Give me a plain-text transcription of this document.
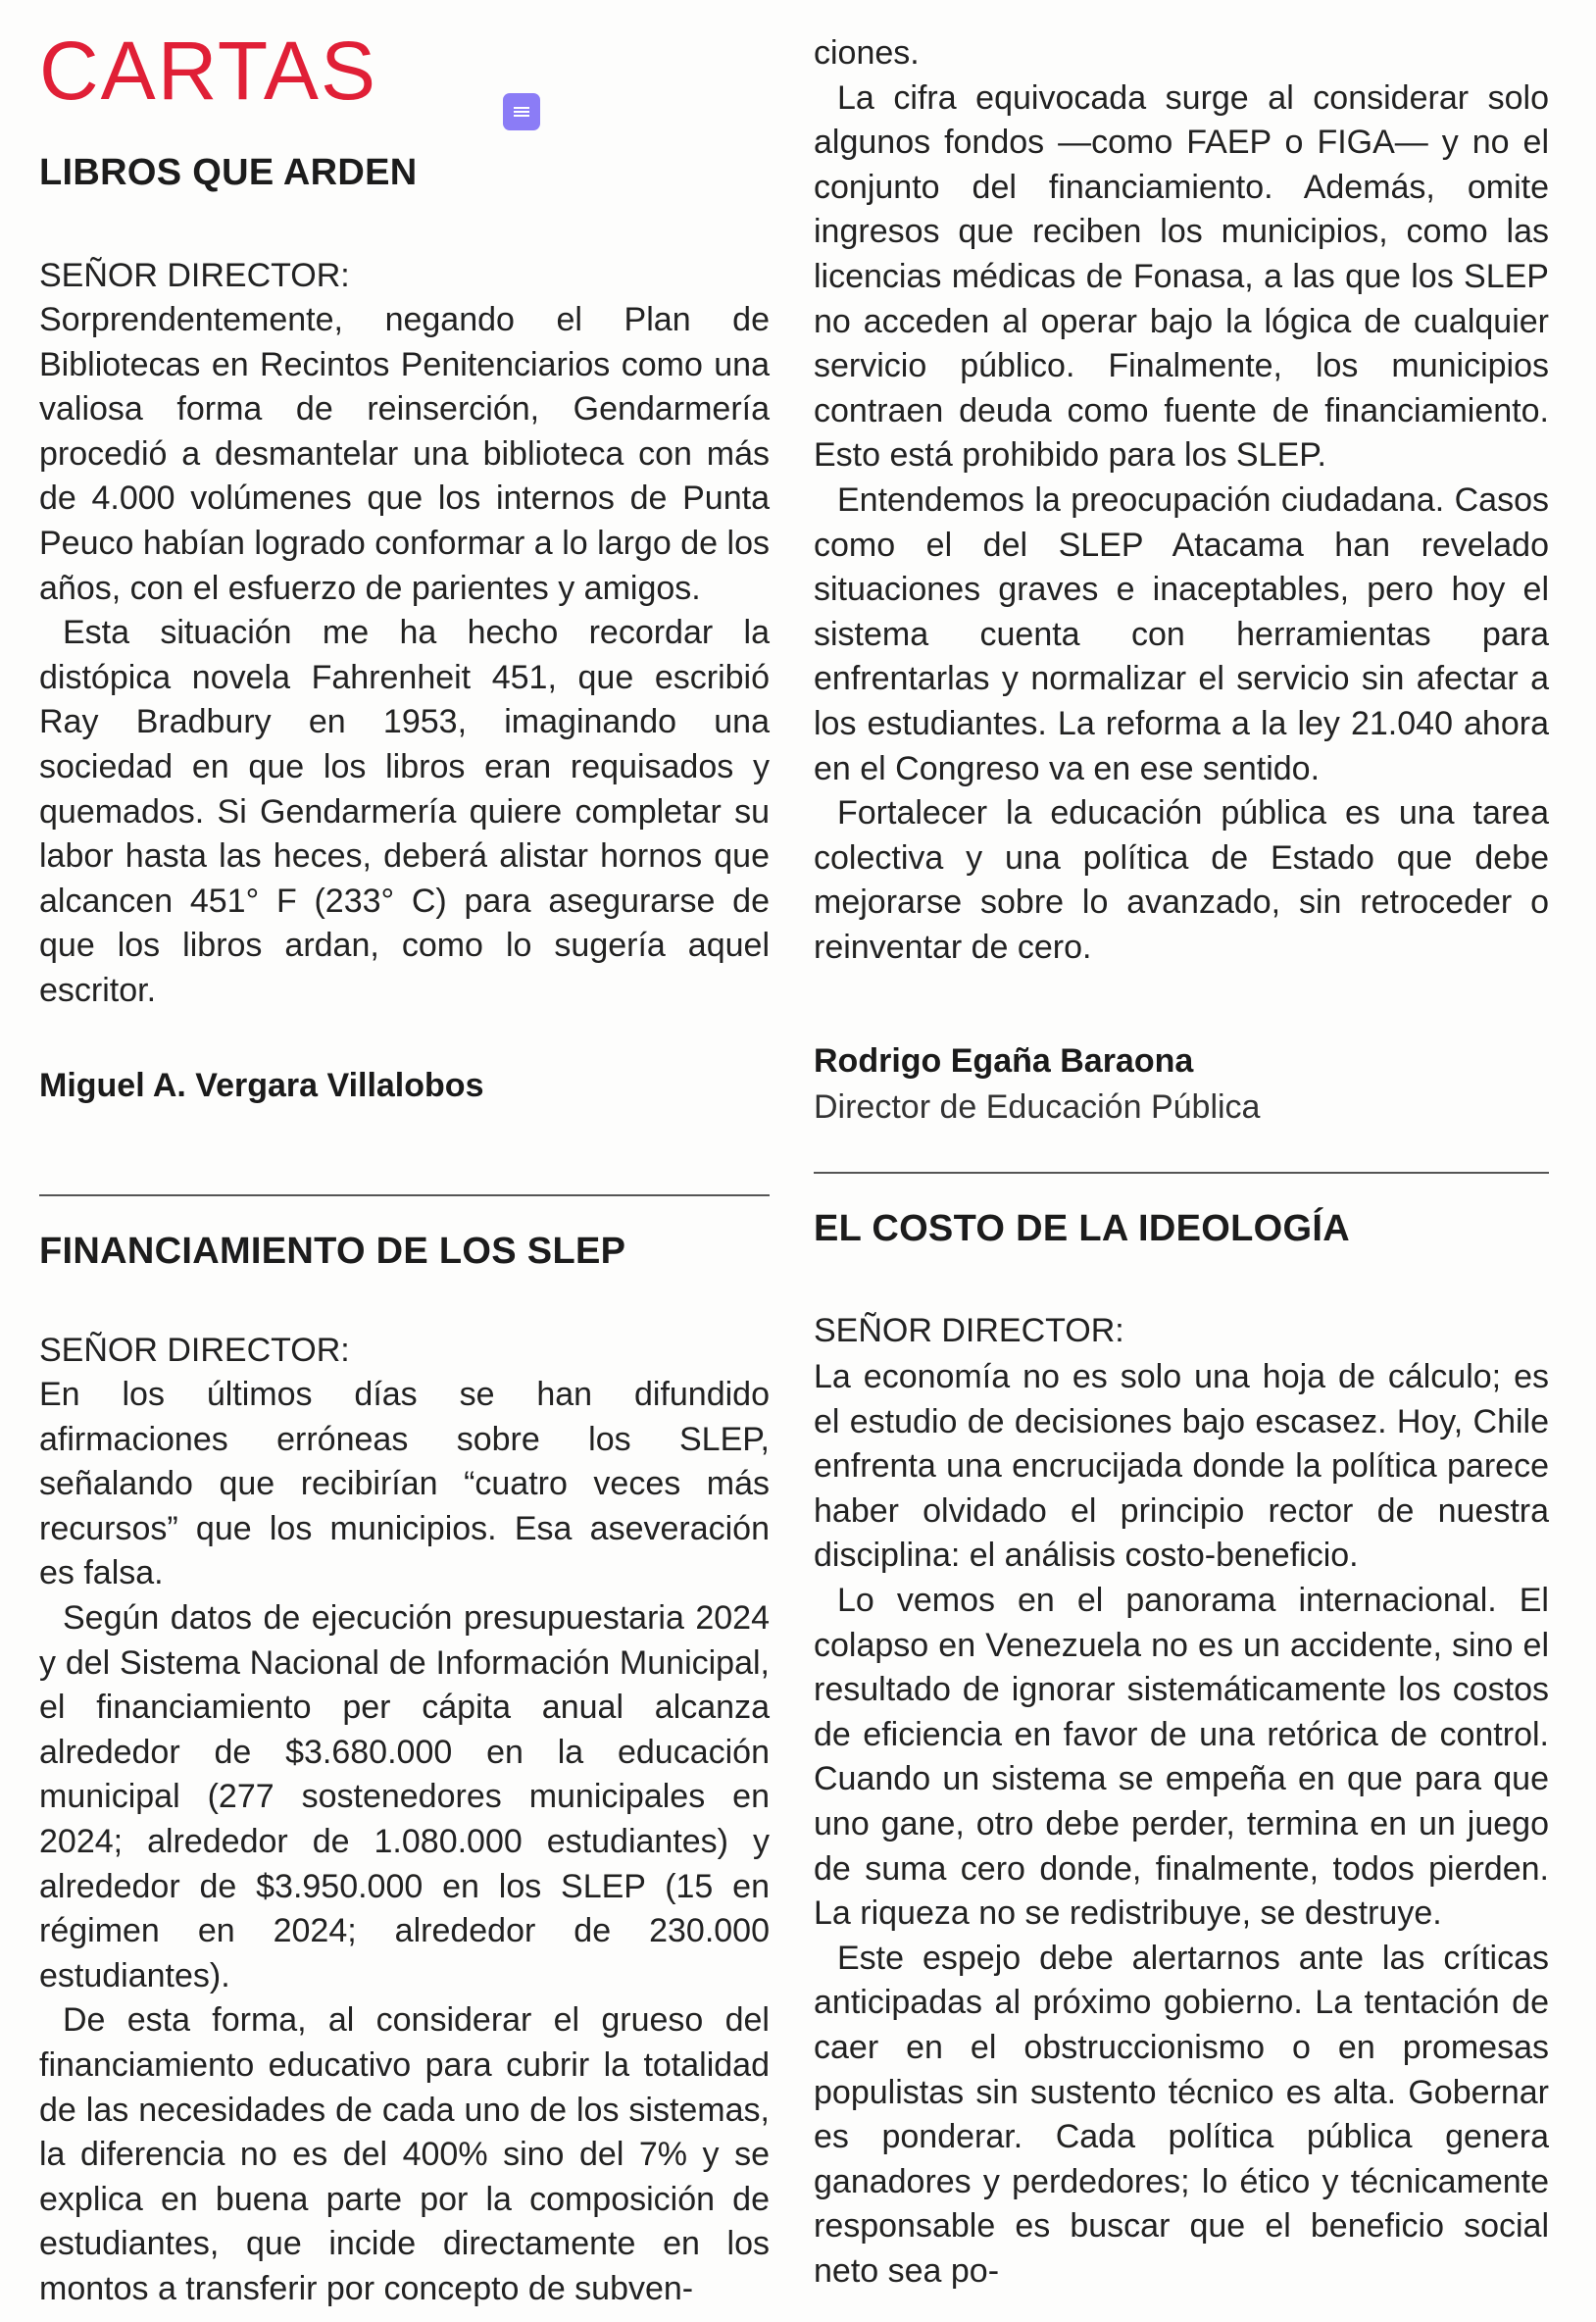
CARTAS
LIBROS QUE ARDEN

SEÑOR DIRECTOR:

Sorprendentemente, negando el Plan de Bibliotecas en Recintos Penitenciarios como una valiosa forma de reinserción, Gendarmería procedió a desmantelar una biblioteca con más de 4.000 volúmenes que los internos de Punta Peuco habían logrado conformar a lo largo de los años, con el esfuerzo de parientes y amigos.

Esta situación me ha hecho recordar la distópica novela Fahrenheit 451, que escribió Ray Bradbury en 1953, imaginando una sociedad en que los libros eran requisados y quemados. Si Gendarmería quiere completar su labor hasta las heces, deberá alistar hornos que alcancen 451° F (233° C) para asegurarse de que los libros ardan, como lo sugería aquel escritor.

Miguel A. Vergara Villalobos

FINANCIAMIENTO DE LOS SLEP

SEÑOR DIRECTOR:

En los últimos días se han difundido afirmaciones erróneas sobre los SLEP, señalando que recibirían “cuatro veces más recursos” que los municipios. Esa aseveración es falsa.

Según datos de ejecución presupuestaria 2024 y del Sistema Nacional de Información Municipal, el financiamiento per cápita anual alcanza alrededor de $3.680.000 en la educación municipal (277 sostenedores municipales en 2024; alrededor de 1.080.000 estudiantes) y alrededor de $3.950.000 en los SLEP (15 en régimen en 2024; alrededor de 230.000 estudiantes).

De esta forma, al considerar el grueso del financiamiento educativo para cubrir la totalidad de las necesidades de cada uno de los sistemas, la diferencia no es del 400% sino del 7% y se explica en buena parte por la composición de estudiantes, que incide directamente en los montos a transferir por concepto de subven-

ciones.

La cifra equivocada surge al considerar solo algunos fondos —como FAEP o FIGA— y no el conjunto del financiamiento. Además, omite ingresos que reciben los municipios, como las licencias médicas de Fonasa, a las que los SLEP no acceden al operar bajo la lógica de cualquier servicio público. Finalmente, los municipios contraen deuda como fuente de financiamiento. Esto está prohibido para los SLEP.

Entendemos la preocupación ciudadana. Casos como el del SLEP Atacama han revelado situaciones graves e inaceptables, pero hoy el sistema cuenta con herramientas para enfrentarlas y normalizar el servicio sin afectar a los estudiantes. La reforma a la ley 21.040 ahora en el Congreso va en ese sentido.

Fortalecer la educación pública es una tarea colectiva y una política de Estado que debe mejorarse sobre lo avanzado, sin retroceder o reinventar de cero.

Rodrigo Egaña Baraona

Director de Educación Pública

EL COSTO DE LA IDEOLOGÍA

SEÑOR DIRECTOR:

La economía no es solo una hoja de cálculo; es el estudio de decisiones bajo escasez. Hoy, Chile enfrenta una encrucijada donde la política parece haber olvidado el principio rector de nuestra disciplina: el análisis costo-beneficio.

Lo vemos en el panorama internacional. El colapso en Venezuela no es un accidente, sino el resultado de ignorar sistemáticamente los costos de eficiencia en favor de una retórica de control. Cuando un sistema se empeña en que para que uno gane, otro debe perder, termina en un juego de suma cero donde, finalmente, todos pierden. La riqueza no se redistribuye, se destruye.

Este espejo debe alertarnos ante las críticas anticipadas al próximo gobierno. La tentación de caer en el obstruccionismo o en promesas populistas sin sustento técnico es alta. Gobernar es ponderar. Cada política pública genera ganadores y perdedores; lo ético y técnicamente responsable es buscar que el beneficio social neto sea po-
